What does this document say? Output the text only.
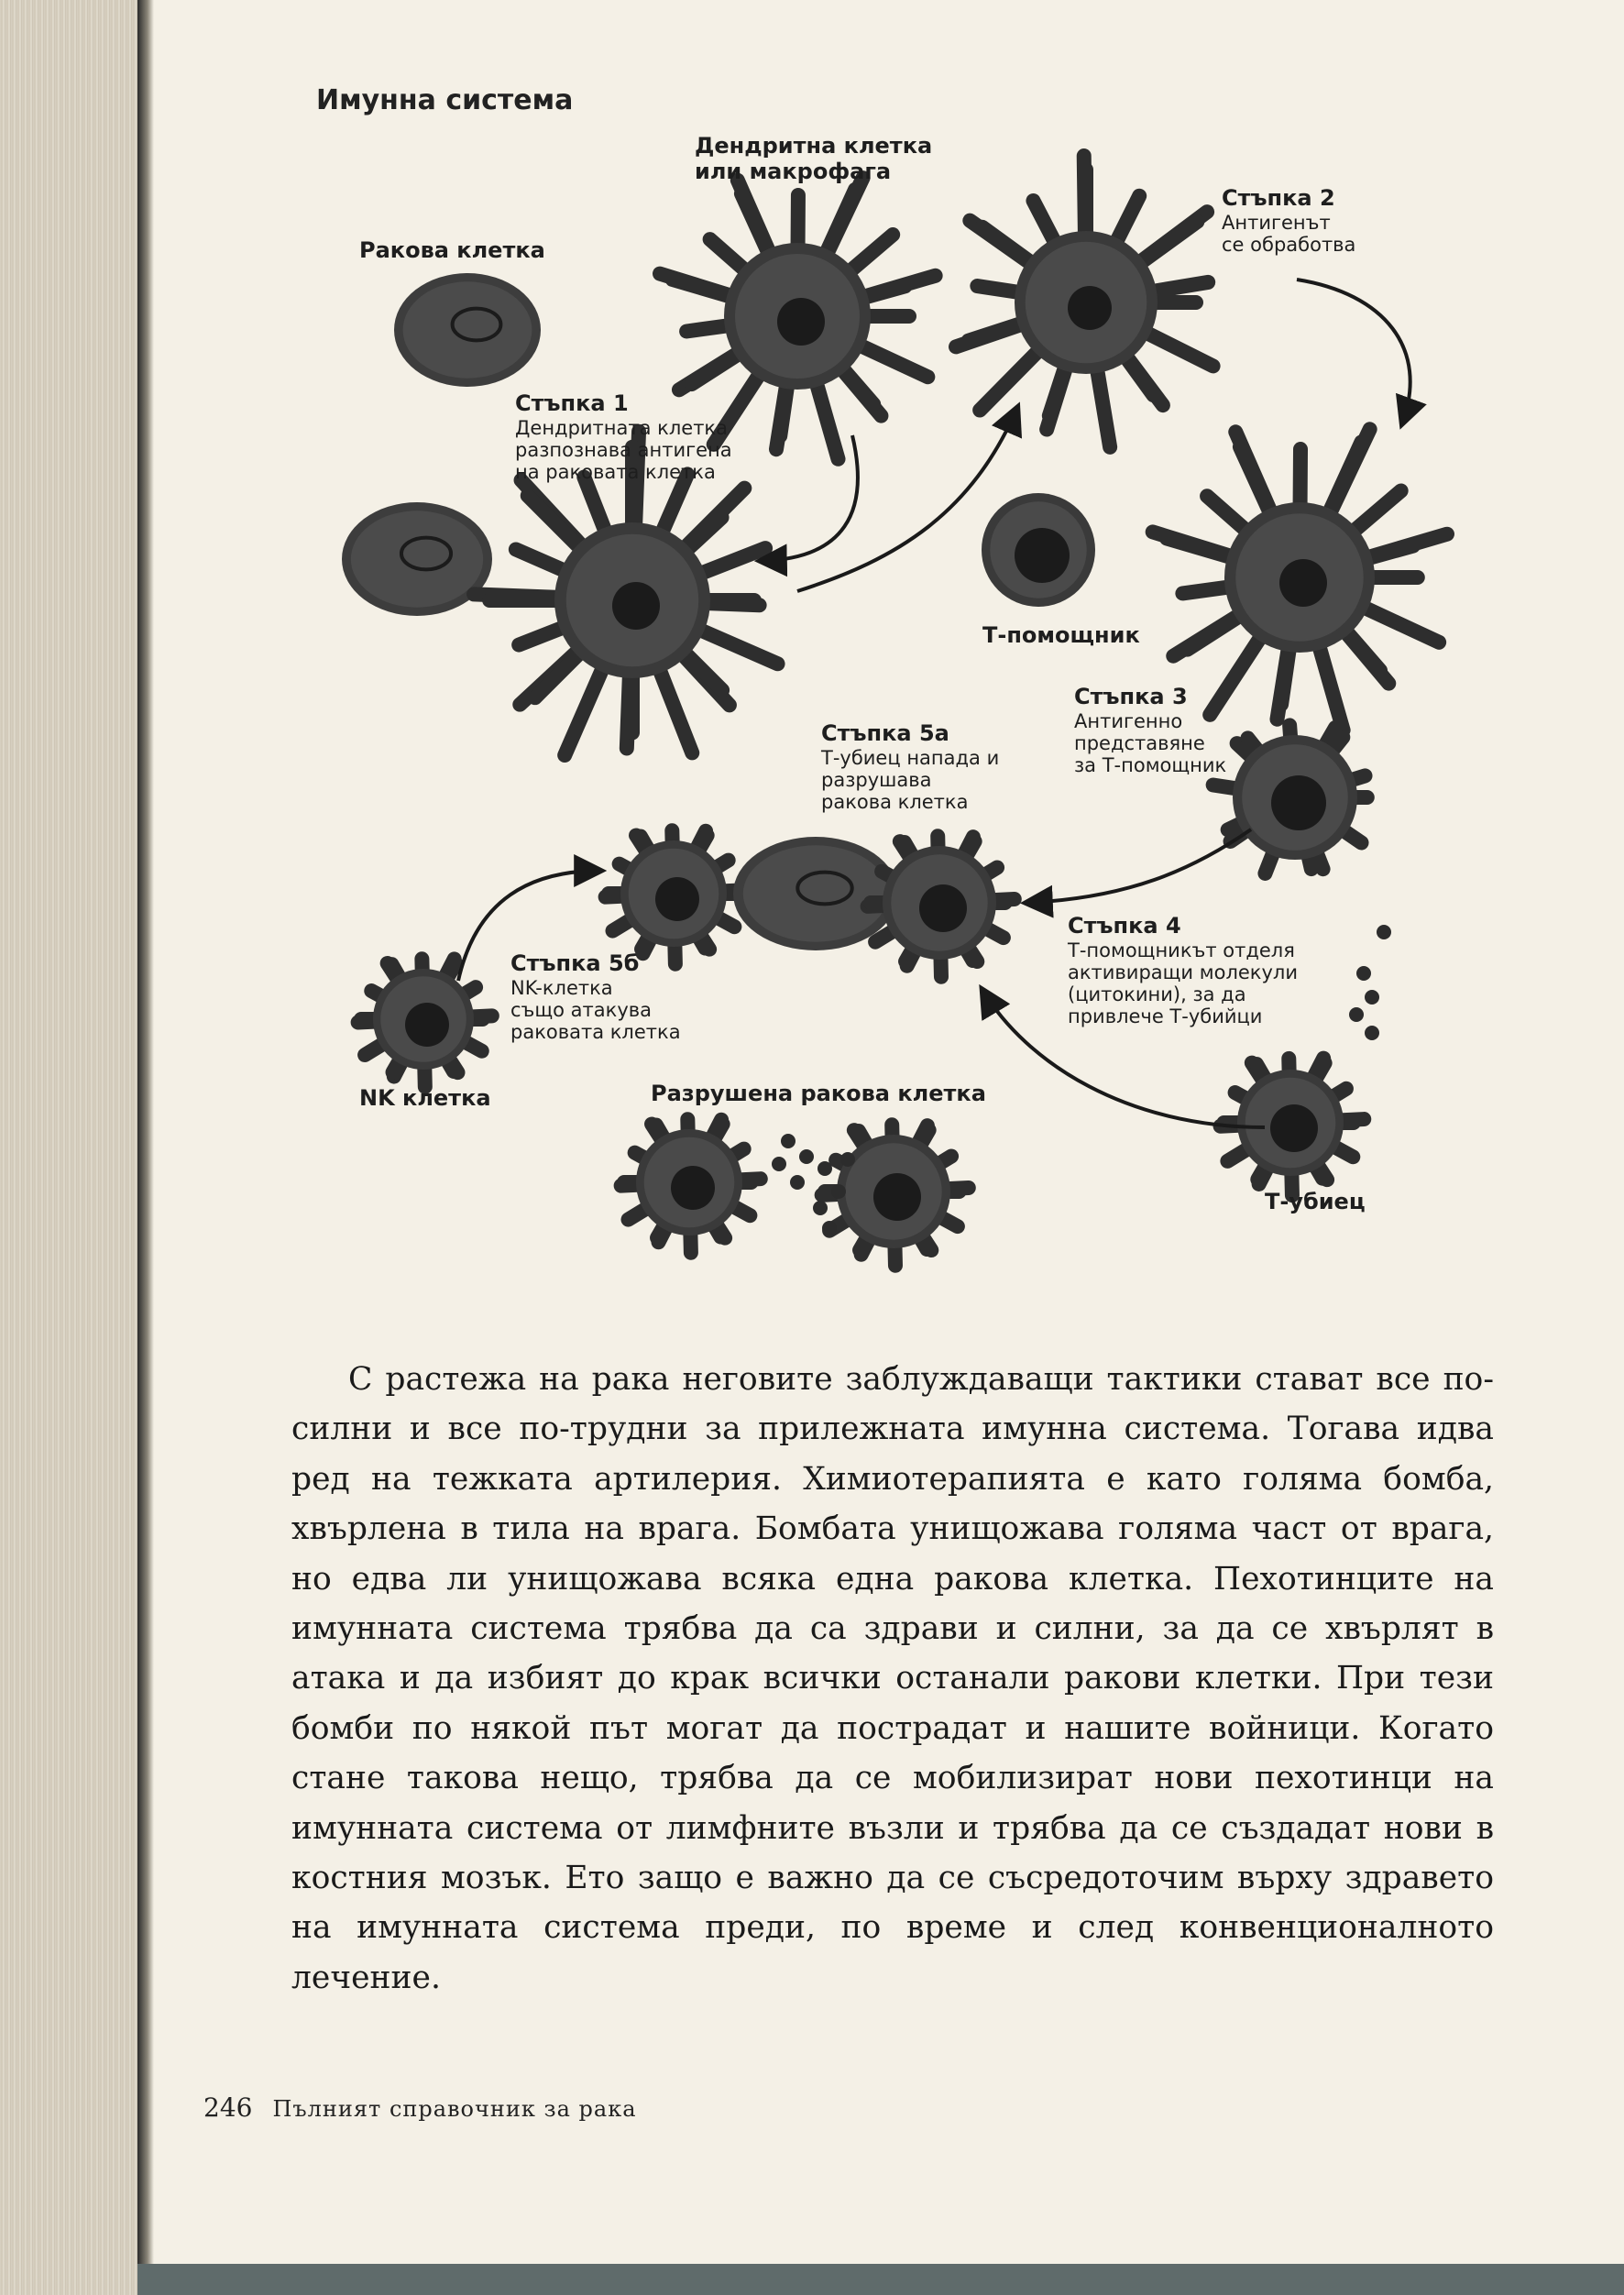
Имунна система
Ракова клетка
Дендритна клетка
или макрофага
Стъпка 1
Дендритната клетка
разпознава антигена
на раковата клетка
Стъпка 2
Антигенът
се обработва
Т-помощник
Стъпка 3
Антигенно
представяне
за Т-помощник
Стъпка 5а
Т-убиец напада и
разрушава
ракова клетка
Стъпка 4
Т-помощникът отделя
активиращи молекули
(цитокини), за да
привлече Т-убийци
Стъпка 5б
NK-клетка
също атакува
раковата клетка
NK клетка	Разрушена ракова клетка
Т-убиец

С растежа на рака неговите заблуждаващи тактики стават все по-силни и все по-трудни за прилежната имунна система. Тогава идва ред на тежката артилерия. Химиотерапията е като голяма бомба, хвърлена в тила на врага. Бомбата унищожава голяма част от врага, но едва ли унищожава всяка една ракова клетка. Пехотинците на имунната система трябва да са здрави и силни, за да се хвърлят в атака и да избият до крак всички останали ракови клетки. При тези бомби по някой път могат да пострадат и нашите войници. Когато стане такова нещо, трябва да се мобилизират нови пехотинци на имунната система от лимфните възли и трябва да се създадат нови в костния мозък. Ето защо е важно да се съсредоточим върху здравето на имунната система преди, по време и след конвенционалното лечение.

246 Пълният справочник за рака
